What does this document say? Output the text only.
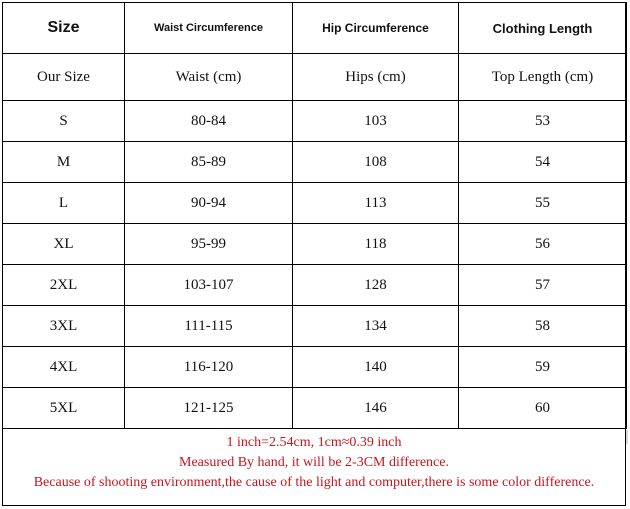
Size	Waist Circumference	Hip Circumference	Clothing Length
Our Size	Waist (cm)	Hips (cm)	Top Length (cm)
S	80-84	103	53
M	85-89	108	54
L	90-94	113	55
XL	95-99	118	56
2XL	103-107	128	57
3XL	111-115	134	58
4XL	116-120	140	59
5XL	121-125	146	60
1 inch=2.54cm, 1cm≈0.39 inch
Measured By hand, it will be 2-3CM difference.
Because of shooting environment,the cause of the light and computer,there is some color difference.
